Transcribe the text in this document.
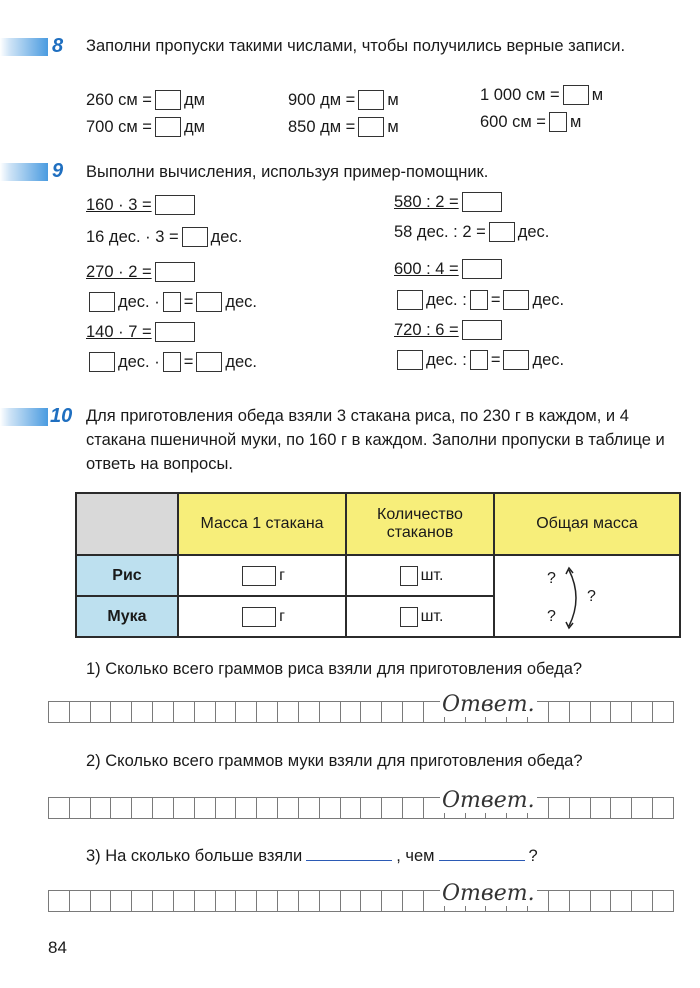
8 Заполни пропуски такими числами, чтобы получились верные записи.
260 см = дм
700 см = дм
900 дм = м
850 дм = м
1 000 см = м
600 см = м
9 Выполни вычисления, используя пример-помощник.
160 · 3 =
16 дес. · 3 = дес.
580 : 2 =
58 дес. : 2 = дес.
270 · 2 =
дес.
· = дес.
600 : 4 =
дес.
: = дес.
140 · 7 =
дес.
· = дес.
720 : 6 =
дес.
: = дес.
10 Для приготовления обеда взяли 3 стакана риса, по 230 г в каждом, и 4 стакана пшеничной муки, по 160 г в каждом. Заполни пропуски в таблице и ответь на вопросы.
	Масса 1 стакана	Количество стаканов	Общая масса
Рис	г	шт.	?
?
?

Мука	г	шт.	
1) Сколько всего граммов риса взяли для приготовления обеда?
Ответ.
2) Сколько всего граммов муки взяли для приготовления обеда?
Ответ.
3) На сколько больше взяли	, чем	?
Ответ.
84
